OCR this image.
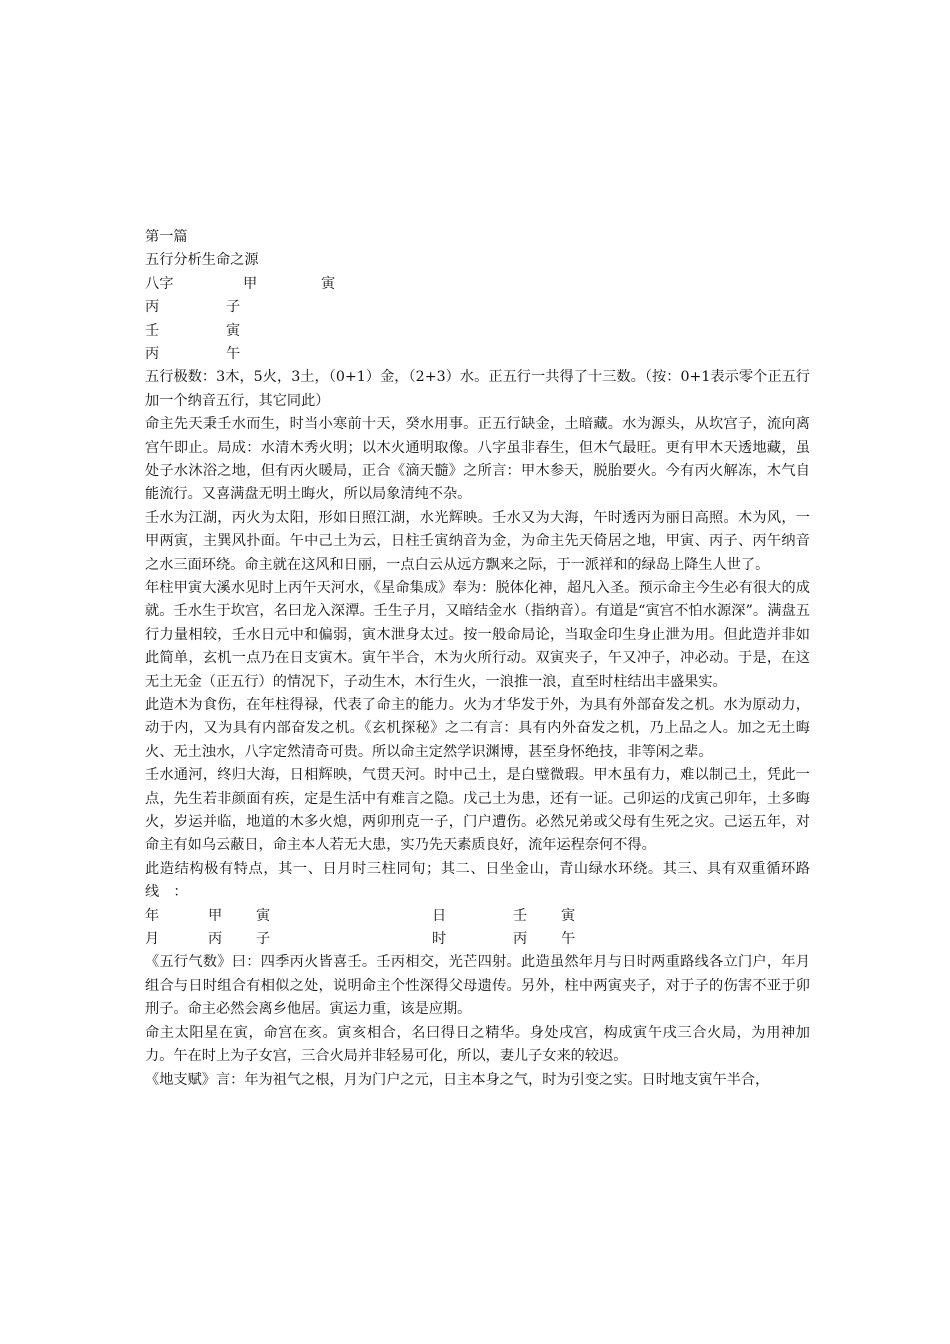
第一篇
五行分析生命之源
八字	甲	寅
丙	子
壬	寅
丙	午

五行极数：3木，5火，3土，（0+1）金，（2+3）水。正五行一共得了十三数。（按：0+1表示零个正五行加一个纳音五行，其它同此）

命主先天秉壬水而生，时当小寒前十天，癸水用事。正五行缺金，土暗藏。水为源头，从坎宫子，流向离宫午即止。局成：水清木秀火明；以木火通明取像。八字虽非春生，但木气最旺。更有甲木天透地藏，虽处子水沐浴之地，但有丙火暖局，正合《滴天髓》之所言：甲木参天，脱胎要火。今有丙火解冻，木气自能流行。又喜满盘无明土晦火，所以局象清纯不杂。

壬水为江湖，丙火为太阳，形如日照江湖，水光辉映。壬水又为大海，午时透丙为丽日高照。木为风，一甲两寅，主巽风扑面。午中己土为云，日柱壬寅纳音为金，为命主先天倚居之地，甲寅、丙子、丙午纳音之水三面环绕。命主就在这风和日丽，一点白云从远方飘来之际，于一派祥和的绿岛上降生人世了。

年柱甲寅大溪水见时上丙午天河水，《星命集成》奉为：脱体化神，超凡入圣。预示命主今生必有很大的成就。壬水生于坎宫，名曰龙入深潭。壬生子月，又暗结金水（指纳音）。有道是“寅宫不怕水源深”。满盘五行力量相较，壬水日元中和偏弱，寅木泄身太过。按一般命局论，当取金印生身止泄为用。但此造并非如此简单，玄机一点乃在日支寅木。寅午半合，木为火所行动。双寅夹子，午又冲子，冲必动。于是，在这无土无金（正五行）的情况下，子动生木，木行生火，一浪推一浪，直至时柱结出丰盛果实。

此造木为食伤，在年柱得禄，代表了命主的能力。火为才华发于外，为具有外部奋发之机。水为原动力，动于内，又为具有内部奋发之机。《玄机探秘》之二有言：具有内外奋发之机，乃上品之人。加之无土晦火、无土浊水，八字定然清奇可贵。所以命主定然学识渊博，甚至身怀绝技，非等闲之辈。

壬水通河，终归大海，日相辉映，气贯天河。时中己土，是白璧微瑕。甲木虽有力，难以制己土，凭此一点，先生若非颜面有疾，定是生活中有难言之隐。戊己土为患，还有一证。己卯运的戊寅己卯年，土多晦火，岁运并临，地道的木多火熄，两卯刑克一子，门户遭伤。必然兄弟或父母有生死之灾。己运五年，对命主有如乌云蔽日，命主本人若无大患，实乃先天素质良好，流年运程奈何不得。

此造结构极有特点，其一、日月时三柱同旬；其二、日坐金山，青山绿水环绕。其三、具有双重循环路线　：

年	甲 寅	日	壬 寅
月	丙 子	时	丙 午

《五行气数》曰：四季丙火皆喜壬。壬丙相交，光芒四射。此造虽然年月与日时两重路线各立门户，年月组合与日时组合有相似之处，说明命主个性深得父母遗传。另外，柱中两寅夹子，对于子的伤害不亚于卯刑子。命主必然会离乡他居。寅运力重，该是应期。

命主太阳星在寅，命宫在亥。寅亥相合，名曰得日之精华。身处戌宫，构成寅午戌三合火局，为用神加力。午在时上为子女宫，三合火局并非轻易可化，所以，妻儿子女来的较迟。

《地支赋》言：年为祖气之根，月为门户之元，日主本身之气，时为引变之实。日时地支寅午半合，
